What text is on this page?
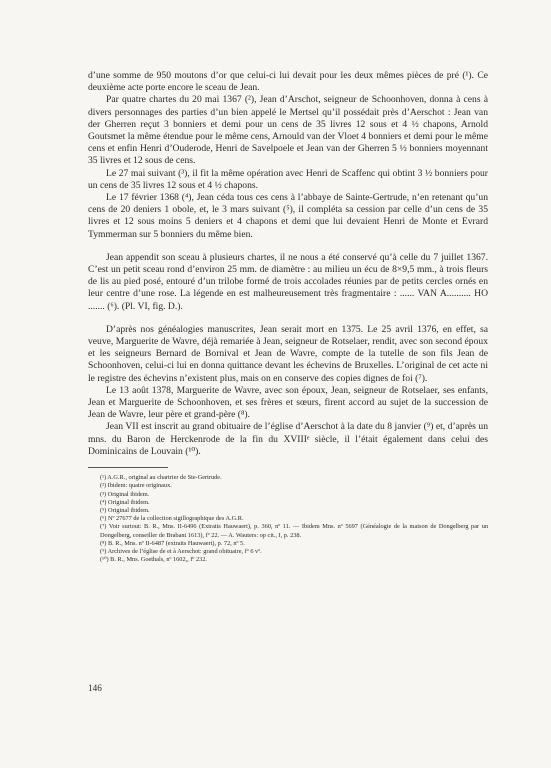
d’une somme de 950 moutons d’or que celui-ci lui devait pour les deux mêmes pièces de pré (¹). Ce deuxième acte porte encore le sceau de Jean.

Par quatre chartes du 20 mai 1367 (²), Jean d’Arschot, seigneur de Schoonhoven, donna à cens à divers personnages des parties d’un bien appelé le Mertsel qu’il possédait près d’Aerschot : Jean van der Gherren reçut 3 bonniers et demi pour un cens de 35 livres 12 sous et 4 ½ chapons, Arnold Goutsmet la même étendue pour le même cens, Arnould van der Vloet 4 bonniers et demi pour le même cens et enfin Henri d’Ouderode, Henri de Savelpoele et Jean van der Gherren 5 ½ bonniers moyennant 35 livres et 12 sous de cens.

Le 27 mai suivant (³), il fit la même opération avec Henri de Scaffenc qui obtint 3 ½ bonniers pour un cens de 35 livres 12 sous et 4 ½ chapons.

Le 17 février 1368 (⁴), Jean céda tous ces cens à l’abbaye de Sainte-Gertrude, n’en retenant qu’un cens de 20 deniers 1 obole, et, le 3 mars suivant (⁵), il compléta sa cession par celle d’un cens de 35 livres et 12 sous moins 5 deniers et 4 chapons et demi que lui devaient Henri de Monte et Evrard Tymmerman sur 5 bonniers du même bien.

Jean appendit son sceau à plusieurs chartes, il ne nous a été conservé qu’à celle du 7 juillet 1367. C’est un petit sceau rond d’environ 25 mm. de diamètre : au milieu un écu de 8×9,5 mm., à trois fleurs de lis au pied posé, entouré d’un trilobe formé de trois accolades réunies par de petits cercles ornés en leur centre d’une rose. La légende en est malheureusement très fragmentaire : ...... VAN A.......... HO ....... (⁶). (Pl. VI, fig. D.).

D’après nos généalogies manuscrites, Jean serait mort en 1375. Le 25 avril 1376, en effet, sa veuve, Marguerite de Wavre, déjà remariée à Jean, seigneur de Rotselaer, rendit, avec son second époux et les seigneurs Bernard de Bornival et Jean de Wavre, compte de la tutelle de son fils Jean de Schoonhoven, celui-ci lui en donna quittance devant les échevins de Bruxelles. L’original de cet acte ni le registre des échevins n’existent plus, mais on en conserve des copies dignes de foi (⁷).

Le 13 août 1378, Marguerite de Wavre, avec son époux, Jean, seigneur de Rotselaer, ses enfants, Jean et Marguerite de Schoonhoven, et ses frères et sœurs, firent accord au sujet de la succession de Jean de Wavre, leur père et grand-père (⁸).

Jean VII est inscrit au grand obituaire de l’église d’Aerschot à la date du 8 janvier (⁹) et, d’après un mns. du Baron de Herckenrode de la fin du XVIIIᵉ siècle, il l’était également dans celui des Dominicains de Louvain (¹⁰).

(¹) A.G.R., original au chartrier de Ste-Gertrude.

(²) Ibidem: quatre originaux.

(³) Original ibidem.

(⁴) Original ibidem.

(⁵) Original ibidem.

(⁶) Nº 27677 de la collection sigillographique des A.G.R.

(⁷) Voir surtout: B. R., Mns. II-6496 (Extraits Hauwaert), p. 360, nº 11. — Ibidem Mns. nº 5697 (Généalogie de la maison de Dongelberg par un Dongelberg, conseiller de Brabant 1613), fº 22. — A. Wauters: op cit., I, p. 238.

(⁸) B. R., Mns. nº II-6487 (extraits Hauwaert), p. 72, nº 5.

(⁹) Archives de l’église de et à Aerschot: grand obituaire, fº 6 vº.

(¹⁰) B. R., Mns. Goethals, nº 1602,, fº 232.

146
